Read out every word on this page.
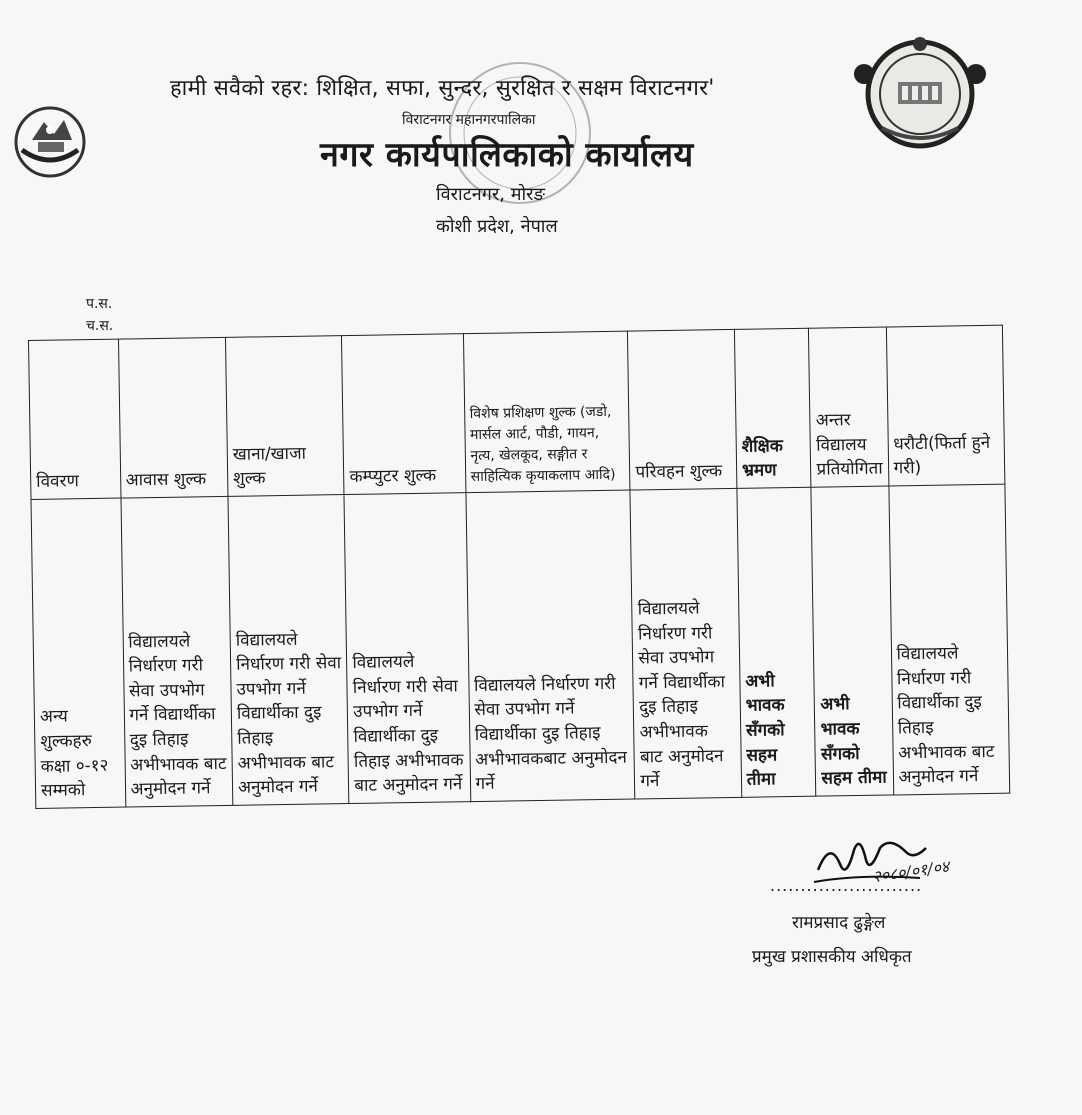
हामी सवैको रहर: शिक्षित, सफा, सुन्दर, सुरक्षित र सक्षम विराटनगर'
विराटनगर महानगरपालिका
नगर कार्यपालिकाको कार्यालय
विराटनगर, मोरङ
कोशी प्रदेश, नेपाल
प.स.
च.स.
विवरण	आवास शुल्क	खाना/खाजा शुल्क	कम्प्युटर शुल्क	विशेष प्रशिक्षण शुल्क (जडो, मार्सल आर्ट, पौडी, गायन, नृत्य, खेलकूद, सङ्गीत र साहित्यिक कृयाकलाप आदि)	परिवहन शुल्क	शैक्षिक भ्रमण	अन्तर विद्यालय प्रतियोगिता	धरौटी(फिर्ता हुने गरी)
अन्य शुल्कहरु कक्षा ०-१२ सम्मको	विद्यालयले निर्धारण गरी सेवा उपभोग गर्ने विद्यार्थीका दुइ तिहाइ अभीभावक बाट अनुमोदन गर्ने	विद्यालयले निर्धारण गरी सेवा उपभोग गर्ने विद्यार्थीका दुइ तिहाइ अभीभावक बाट अनुमोदन गर्ने	विद्यालयले निर्धारण गरी सेवा उपभोग गर्ने विद्यार्थीका दुइ तिहाइ अभीभावक बाट अनुमोदन गर्ने	विद्यालयले निर्धारण गरी सेवा उपभोग गर्ने विद्यार्थीका दुइ तिहाइ अभीभावकबाट अनुमोदन गर्ने	विद्यालयले निर्धारण गरी सेवा उपभोग गर्ने विद्यार्थीका दुइ तिहाइ अभीभावक बाट अनुमोदन गर्ने	अभी भावक सँगको सहम तीमा	अभी भावक सँगको सहम तीमा	विद्यालयले निर्धारण गरी विद्यार्थीका दुइ तिहाइ अभीभावक बाट अनुमोदन गर्ने
.........................
२०८०/०१/०४
रामप्रसाद ढुङ्गेल
प्रमुख प्रशासकीय अधिकृत
